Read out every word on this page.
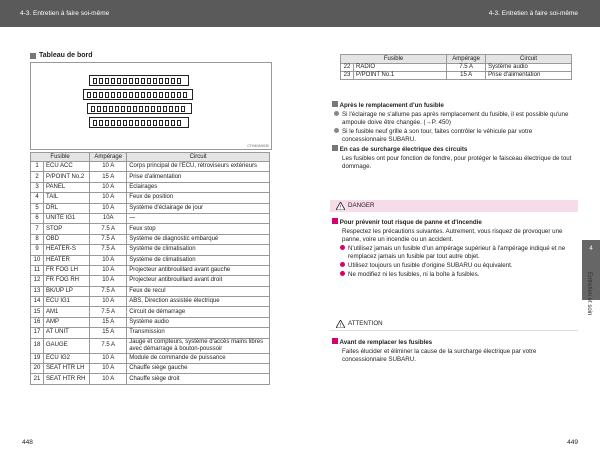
4-3. Entretien à faire soi-même	4-3. Entretien à faire soi-même
Tableau de bord
CTH40AH030
Fusible		Ampérage	Circuit
1	ECU ACC	10 A	Corps principal de l'ECU, rétroviseurs extérieurs
2	P/POINT No.2	15 A	Prise d'alimentation
3	PANEL	10 A	Eclairages
4	TAIL	10 A	Feux de position
5	DRL	10 A	Système d'éclairage de jour
6	UNITE IG1	10A	—
7	STOP	7.5 A	Feux stop
8	OBD	7.5 A	Système de diagnostic embarqué
9	HEATER-S	7.5 A	Système de climatisation
10	HEATER	10 A	Système de climatisation
11	FR FOG LH	10 A	Projecteur antibrouillard avant gauche
12	FR FOG RH	10 A	Projecteur antibrouillard avant droit
13	BK/UP LP	7.5 A	Feux de recul
14	ECU IG1	10 A	ABS, Direction assistée électrique
15	AM1	7.5 A	Circuit de démarrage
16	AMP	15 A	Système audio
17	AT UNIT	15 A	Transmission
18	GAUGE	7.5 A	Jauge et compteurs, système d'accès mains libres avec démarrage à bouton-poussoir
19	ECU IG2	10 A	Module de commande de puissance
20	SEAT HTR LH	10 A	Chauffe siège gauche
21	SEAT HTR RH	10 A	Chauffe siège droit
448
Fusible		Ampérage	Circuit
22	RADIO	7.5 A	Système audio
23	P/POINT No.1	15 A	Prise d'alimentation
Après le remplacement d'un fusible
Si l'éclairage ne s'allume pas après remplacement du fusible, il est possible qu'une ampoule doive être changée. (→P. 450)
Si le fusible neuf grille à son tour, faites contrôler le véhicule par votre concessionnaire SUBARU.
En cas de surcharge électrique des circuits
Les fusibles ont pour fonction de fondre, pour protéger le faisceau électrique de tout dommage.
! DANGER
Pour prévenir tout risque de panne et d'incendie
Respectez les précautions suivantes. Autrement, vous risquez de provoquer une panne, voire un incendie ou un accident.
N'utilisez jamais un fusible d'un ampérage supérieur à l'ampérage indiqué et ne remplacez jamais un fusible par tout autre objet.
Utilisez toujours un fusible d'origine SUBARU ou équivalent.
Ne modifiez ni les fusibles, ni la boîte à fusibles.
! ATTENTION
Avant de remplacer les fusibles
Faites élucider et éliminer la cause de la surcharge électrique par votre concessionnaire SUBARU.
4
Entretien et soin
449
